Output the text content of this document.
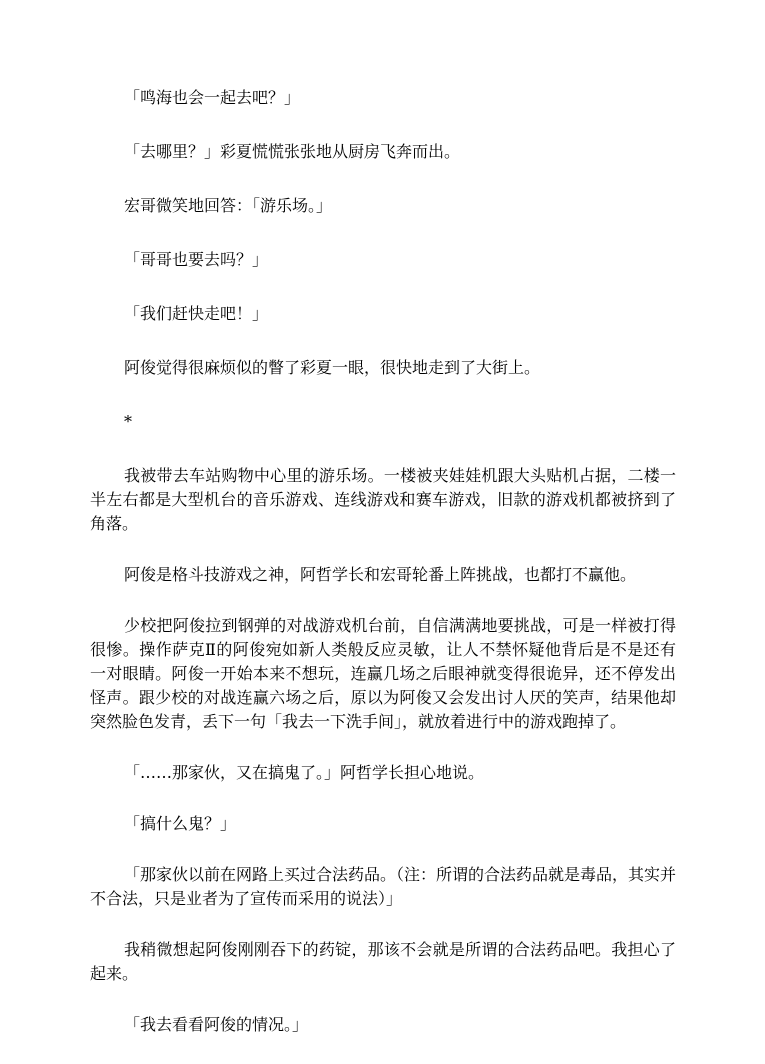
「鸣海也会一起去吧？」

「去哪里？」彩夏慌慌张张地从厨房飞奔而出。

宏哥微笑地回答：「游乐场。」

「哥哥也要去吗？」

「我们赶快走吧！」

阿俊觉得很麻烦似的瞥了彩夏一眼，很快地走到了大街上。

*

我被带去车站购物中心里的游乐场。一楼被夹娃娃机跟大头贴机占据，二楼一半左右都是大型机台的音乐游戏、连线游戏和赛车游戏，旧款的游戏机都被挤到了角落。

阿俊是格斗技游戏之神，阿哲学长和宏哥轮番上阵挑战，也都打不赢他。

少校把阿俊拉到钢弹的对战游戏机台前，自信满满地要挑战，可是一样被打得很惨。操作萨克Ⅱ的阿俊宛如新人类般反应灵敏，让人不禁怀疑他背后是不是还有一对眼睛。阿俊一开始本来不想玩，连赢几场之后眼神就变得很诡异，还不停发出怪声。跟少校的对战连赢六场之后，原以为阿俊又会发出讨人厌的笑声，结果他却突然脸色发青，丢下一句「我去一下洗手间」，就放着进行中的游戏跑掉了。

「……那家伙，又在搞鬼了。」阿哲学长担心地说。

「搞什么鬼？」

「那家伙以前在网路上买过合法药品。（注：所谓的合法药品就是毒品，其实并不合法，只是业者为了宣传而采用的说法）」

我稍微想起阿俊刚刚吞下的药锭，那该不会就是所谓的合法药品吧。我担心了起来。

「我去看看阿俊的情况。」
